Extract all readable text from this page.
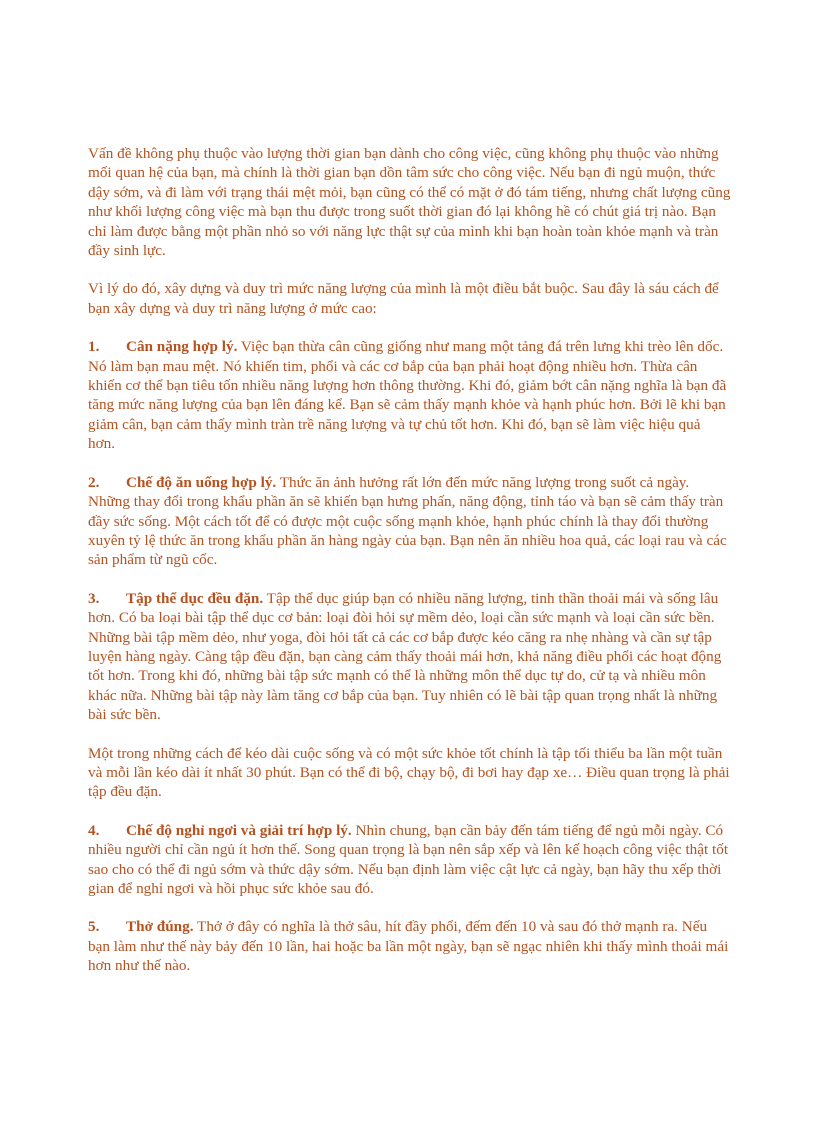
Vấn đề không phụ thuộc vào lượng thời gian bạn dành cho công việc, cũng không phụ thuộc vào những mối quan hệ của bạn, mà chính là thời gian bạn dồn tâm sức cho công việc. Nếu bạn đi ngủ muộn, thức dậy sớm, và đi làm với trạng thái mệt mỏi, bạn cũng có thể có mặt ở đó tám tiếng, nhưng chất lượng cũng như khối lượng công việc mà bạn thu được trong suốt thời gian đó lại không hề có chút giá trị nào. Bạn chỉ làm được bằng một phần nhỏ so với năng lực thật sự của mình khi bạn hoàn toàn khỏe mạnh và tràn đầy sinh lực.

Vì lý do đó, xây dựng và duy trì mức năng lượng của mình là một điều bắt buộc. Sau đây là sáu cách để bạn xây dựng và duy trì năng lượng ở mức cao:

1. Cân nặng hợp lý. Việc bạn thừa cân cũng giống như mang một tảng đá trên lưng khi trèo lên dốc. Nó làm bạn mau mệt. Nó khiến tim, phổi và các cơ bắp của bạn phải hoạt động nhiều hơn. Thừa cân khiến cơ thể bạn tiêu tốn nhiều năng lượng hơn thông thường. Khi đó, giảm bớt cân nặng nghĩa là bạn đã tăng mức năng lượng của bạn lên đáng kể. Bạn sẽ cảm thấy mạnh khỏe và hạnh phúc hơn. Bởi lẽ khi bạn giảm cân, bạn cảm thấy mình tràn trề năng lượng và tự chủ tốt hơn. Khi đó, bạn sẽ làm việc hiệu quả hơn.
2. Chế độ ăn uống hợp lý. Thức ăn ảnh hưởng rất lớn đến mức năng lượng trong suốt cả ngày. Những thay đổi trong khẩu phần ăn sẽ khiến bạn hưng phấn, năng động, tỉnh táo và bạn sẽ cảm thấy tràn đầy sức sống. Một cách tốt để có được một cuộc sống mạnh khỏe, hạnh phúc chính là thay đổi thường xuyên tỷ lệ thức ăn trong khẩu phần ăn hàng ngày của bạn. Bạn nên ăn nhiều hoa quả, các loại rau và các sản phẩm từ ngũ cốc.
3. Tập thể dục đều đặn. Tập thể dục giúp bạn có nhiều năng lượng, tinh thần thoải mái và sống lâu hơn. Có ba loại bài tập thể dục cơ bản: loại đòi hỏi sự mềm dẻo, loại cần sức mạnh và loại cần sức bền. Những bài tập mềm dẻo, như yoga, đòi hỏi tất cả các cơ bắp được kéo căng ra nhẹ nhàng và cần sự tập luyện hàng ngày. Càng tập đều đặn, bạn càng cảm thấy thoải mái hơn, khả năng điều phối các hoạt động tốt hơn. Trong khi đó, những bài tập sức mạnh có thể là những môn thể dục tự do, cử tạ và nhiều môn khác nữa. Những bài tập này làm tăng cơ bắp của bạn. Tuy nhiên có lẽ bài tập quan trọng nhất là những bài sức bền.

Một trong những cách để kéo dài cuộc sống và có một sức khỏe tốt chính là tập tối thiểu ba lần một tuần và mỗi lần kéo dài ít nhất 30 phút. Bạn có thể đi bộ, chạy bộ, đi bơi hay đạp xe… Điều quan trọng là phải tập đều đặn.

4. Chế độ nghỉ ngơi và giải trí hợp lý. Nhìn chung, bạn cần bảy đến tám tiếng để ngủ mỗi ngày. Có nhiều người chỉ cần ngủ ít hơn thế. Song quan trọng là bạn nên sắp xếp và lên kế hoạch công việc thật tốt sao cho có thể đi ngủ sớm và thức dậy sớm. Nếu bạn định làm việc cật lực cả ngày, bạn hãy thu xếp thời gian để nghỉ ngơi và hồi phục sức khỏe sau đó.
5. Thở đúng. Thở ở đây có nghĩa là thở sâu, hít đầy phổi, đếm đến 10 và sau đó thở mạnh ra. Nếu bạn làm như thế này bảy đến 10 lần, hai hoặc ba lần một ngày, bạn sẽ ngạc nhiên khi thấy mình thoải mái hơn như thế nào.
